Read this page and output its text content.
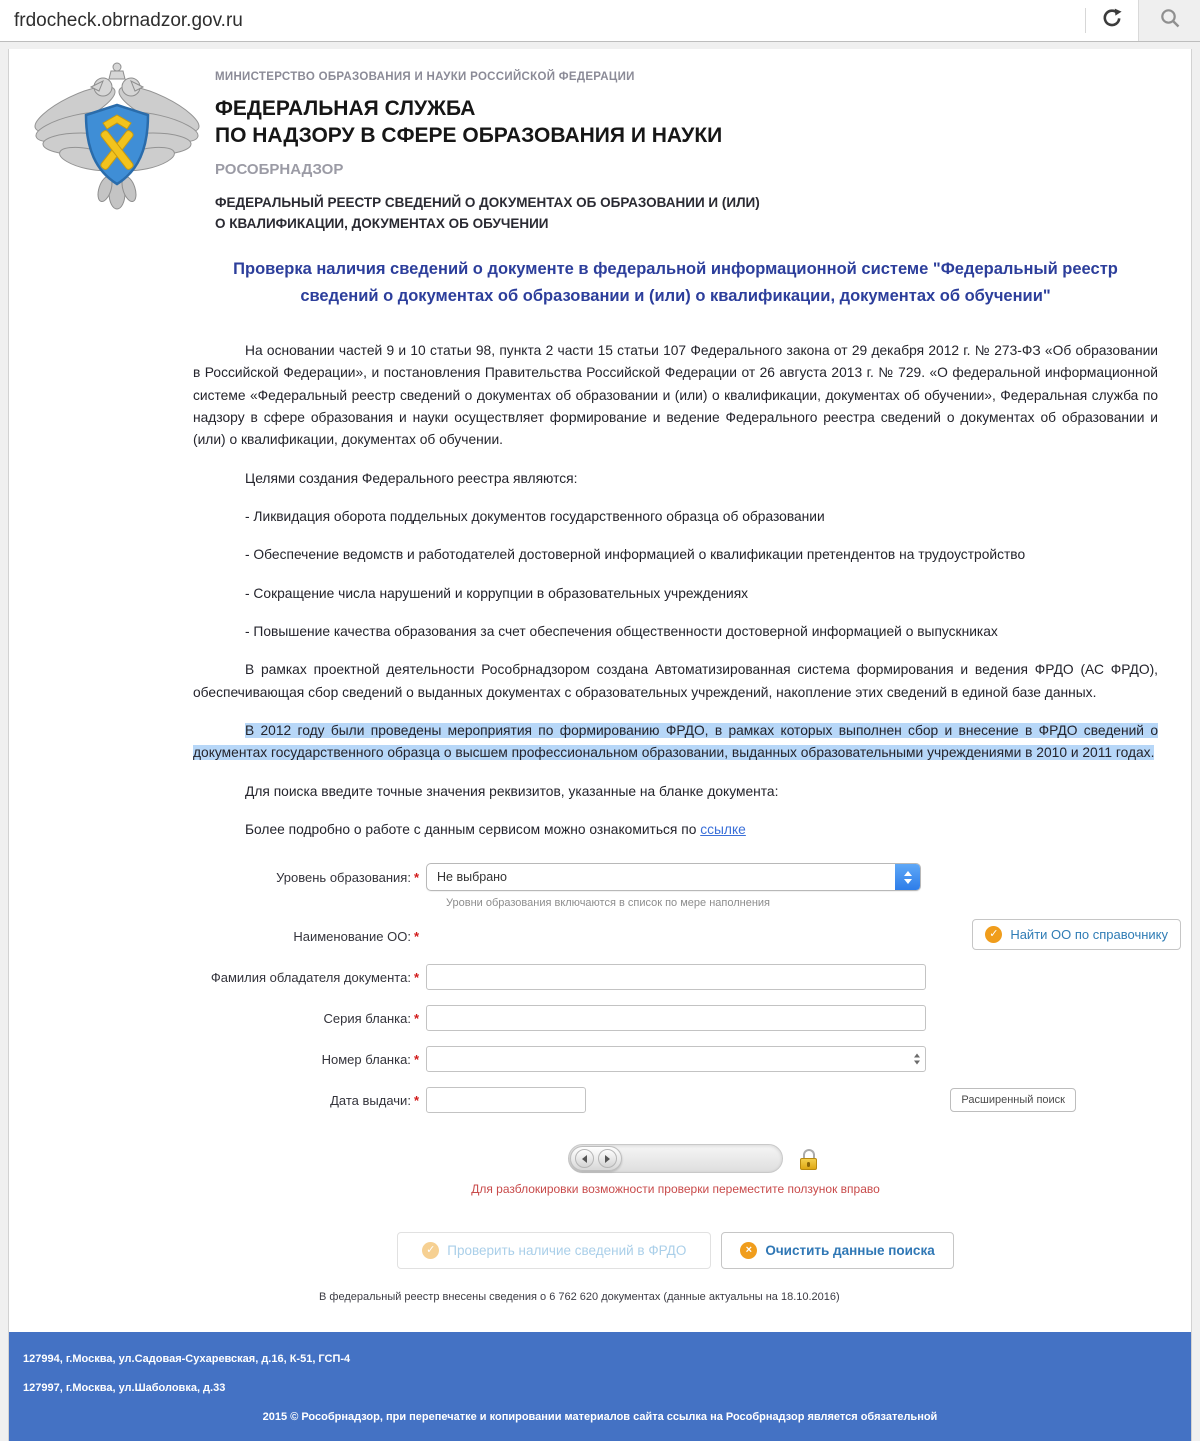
frdocheck.obrnadzor.gov.ru
МИНИСТЕРСТВО ОБРАЗОВАНИЯ И НАУКИ РОССИЙСКОЙ ФЕДЕРАЦИИ
ФЕДЕРАЛЬНАЯ СЛУЖБА
ПО НАДЗОРУ В СФЕРЕ ОБРАЗОВАНИЯ И НАУКИ
РОСОБРНАДЗОР
ФЕДЕРАЛЬНЫЙ РЕЕСТР СВЕДЕНИЙ О ДОКУМЕНТАХ ОБ ОБРАЗОВАНИИ И (ИЛИ)
О КВАЛИФИКАЦИИ, ДОКУМЕНТАХ ОБ ОБУЧЕНИИ
Проверка наличия сведений о документе в федеральной информационной системе "Федеральный реестр сведений о документах об образовании и (или) о квалификации, документах об обучении"

На основании частей 9 и 10 статьи 98, пункта 2 части 15 статьи 107 Федерального закона от 29 декабря 2012 г. № 273-ФЗ «Об образовании в Российской Федерации», и постановления Правительства Российской Федерации от 26 августа 2013 г. № 729. «О федеральной информационной системе «Федеральный реестр сведений о документах об образовании и (или) о квалификации, документах об обучении», Федеральная служба по надзору в сфере образования и науки осуществляет формирование и ведение Федерального реестра сведений о документах об образовании и (или) о квалификации, документах об обучении.

Целями создания Федерального реестра являются:

- Ликвидация оборота поддельных документов государственного образца об образовании

- Обеспечение ведомств и работодателей достоверной информацией о квалификации претендентов на трудоустройство

- Сокращение числа нарушений и коррупции в образовательных учреждениях

- Повышение качества образования за счет обеспечения общественности достоверной информацией о выпускниках

В рамках проектной деятельности Рособрнадзором создана Автоматизированная система формирования и ведения ФРДО (АС ФРДО), обеспечивающая сбор сведений о выданных документах с образовательных учреждений, накопление этих сведений в единой базе данных.

В 2012 году были проведены мероприятия по формированию ФРДО, в рамках которых выполнен сбор и внесение в ФРДО сведений о документах государственного образца о высшем профессиональном образовании, выданных образовательными учреждениями в 2010 и 2011 годах.

Для поиска введите точные значения реквизитов, указанные на бланке документа:

Более подробно о работе с данным сервисом можно ознакомиться по ссылке

Уровень образования: * Не выбрано
Уровни образования включаются в список по мере наполнения
Наименование ОО: *	✓ Найти ОО по справочнику
Фамилия обладателя документа: *
Серия бланка: *
Номер бланка: *
Дата выдачи: *	Расширенный поиск
Для разблокировки возможности проверки переместите ползунок вправо
✓ Проверить наличие сведений в ФРДО	× Очистить данные поиска
В федеральный реестр внесены сведения о 6 762 620 документах (данные актуальны на 18.10.2016)
127994, г.Москва, ул.Садовая-Сухаревская, д.16, К-51, ГСП-4
127997, г.Москва, ул.Шаболовка, д.33
2015 © Рособрнадзор, при перепечатке и копировании материалов сайта ссылка на Рособрнадзор является обязательной
